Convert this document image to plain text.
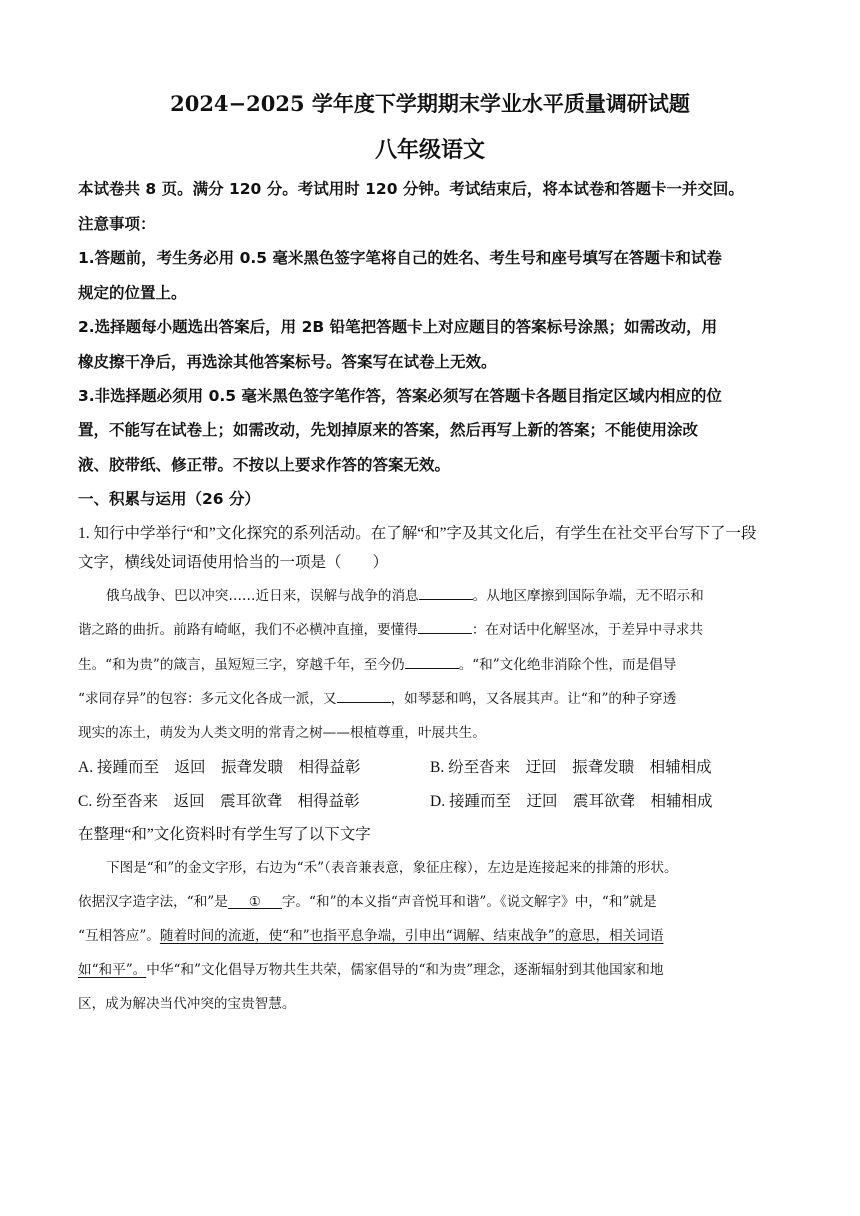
2024−2025 学年度下学期期末学业水平质量调研试题
八年级语文
本试卷共 8 页。满分 120 分。考试用时 120 分钟。考试结束后，将本试卷和答题卡一并交回。
注意事项：
1.答题前，考生务必用 0.5 毫米黑色签字笔将自己的姓名、考生号和座号填写在答题卡和试卷
规定的位置上。
2.选择题每小题选出答案后，用 2B 铅笔把答题卡上对应题目的答案标号涂黑；如需改动，用
橡皮擦干净后，再选涂其他答案标号。答案写在试卷上无效。
3.非选择题必须用 0.5 毫米黑色签字笔作答，答案必须写在答题卡各题目指定区域内相应的位
置，不能写在试卷上；如需改动，先划掉原来的答案，然后再写上新的答案；不能使用涂改
液、胶带纸、修正带。不按以上要求作答的答案无效。
一、积累与运用（26 分）
1. 知行中学举行“和”文化探究的系列活动。在了解“和”字及其文化后，有学生在社交平台写下了一段
文字，横线处词语使用恰当的一项是（　　）
俄乌战争、巴以冲突……近日来，误解与战争的消息	。从地区摩擦到国际争端，无不昭示和
谐之路的曲折。前路有崎岖，我们不必横冲直撞，要懂得	：在对话中化解坚冰，于差异中寻求共
生。“和为贵”的箴言，虽短短三字，穿越千年，至今仍	。“和”文化绝非消除个性，而是倡导
“求同存异”的包容：多元文化各成一派，又	，如琴瑟和鸣，又各展其声。让“和”的种子穿透
现实的冻土，萌发为人类文明的常青之树——根植尊重，叶展共生。
A. 接踵而至　返回　振聋发聩　相得益彰	B. 纷至沓来　迂回　振聋发聩　相辅相成
C. 纷至沓来　返回　震耳欲聋　相得益彰	D. 接踵而至　迂回　震耳欲聋　相辅相成
在整理“和”文化资料时有学生写了以下文字
下图是“和”的金文字形，右边为“禾”（表音兼表意，象征庄稼），左边是连接起来的排箫的形状。
依据汉字造字法，“和”是 ① 字。“和”的本义指“声音悦耳和谐”。《说文解字》中，“和”就是
“互相答应”。随着时间的流逝，使“和”也指平息争端，引申出“调解、结束战争”的意思，相关词语
如“和平”。中华“和”文化倡导万物共生共荣，儒家倡导的“和为贵”理念，逐渐辐射到其他国家和地
区，成为解决当代冲突的宝贵智慧。
